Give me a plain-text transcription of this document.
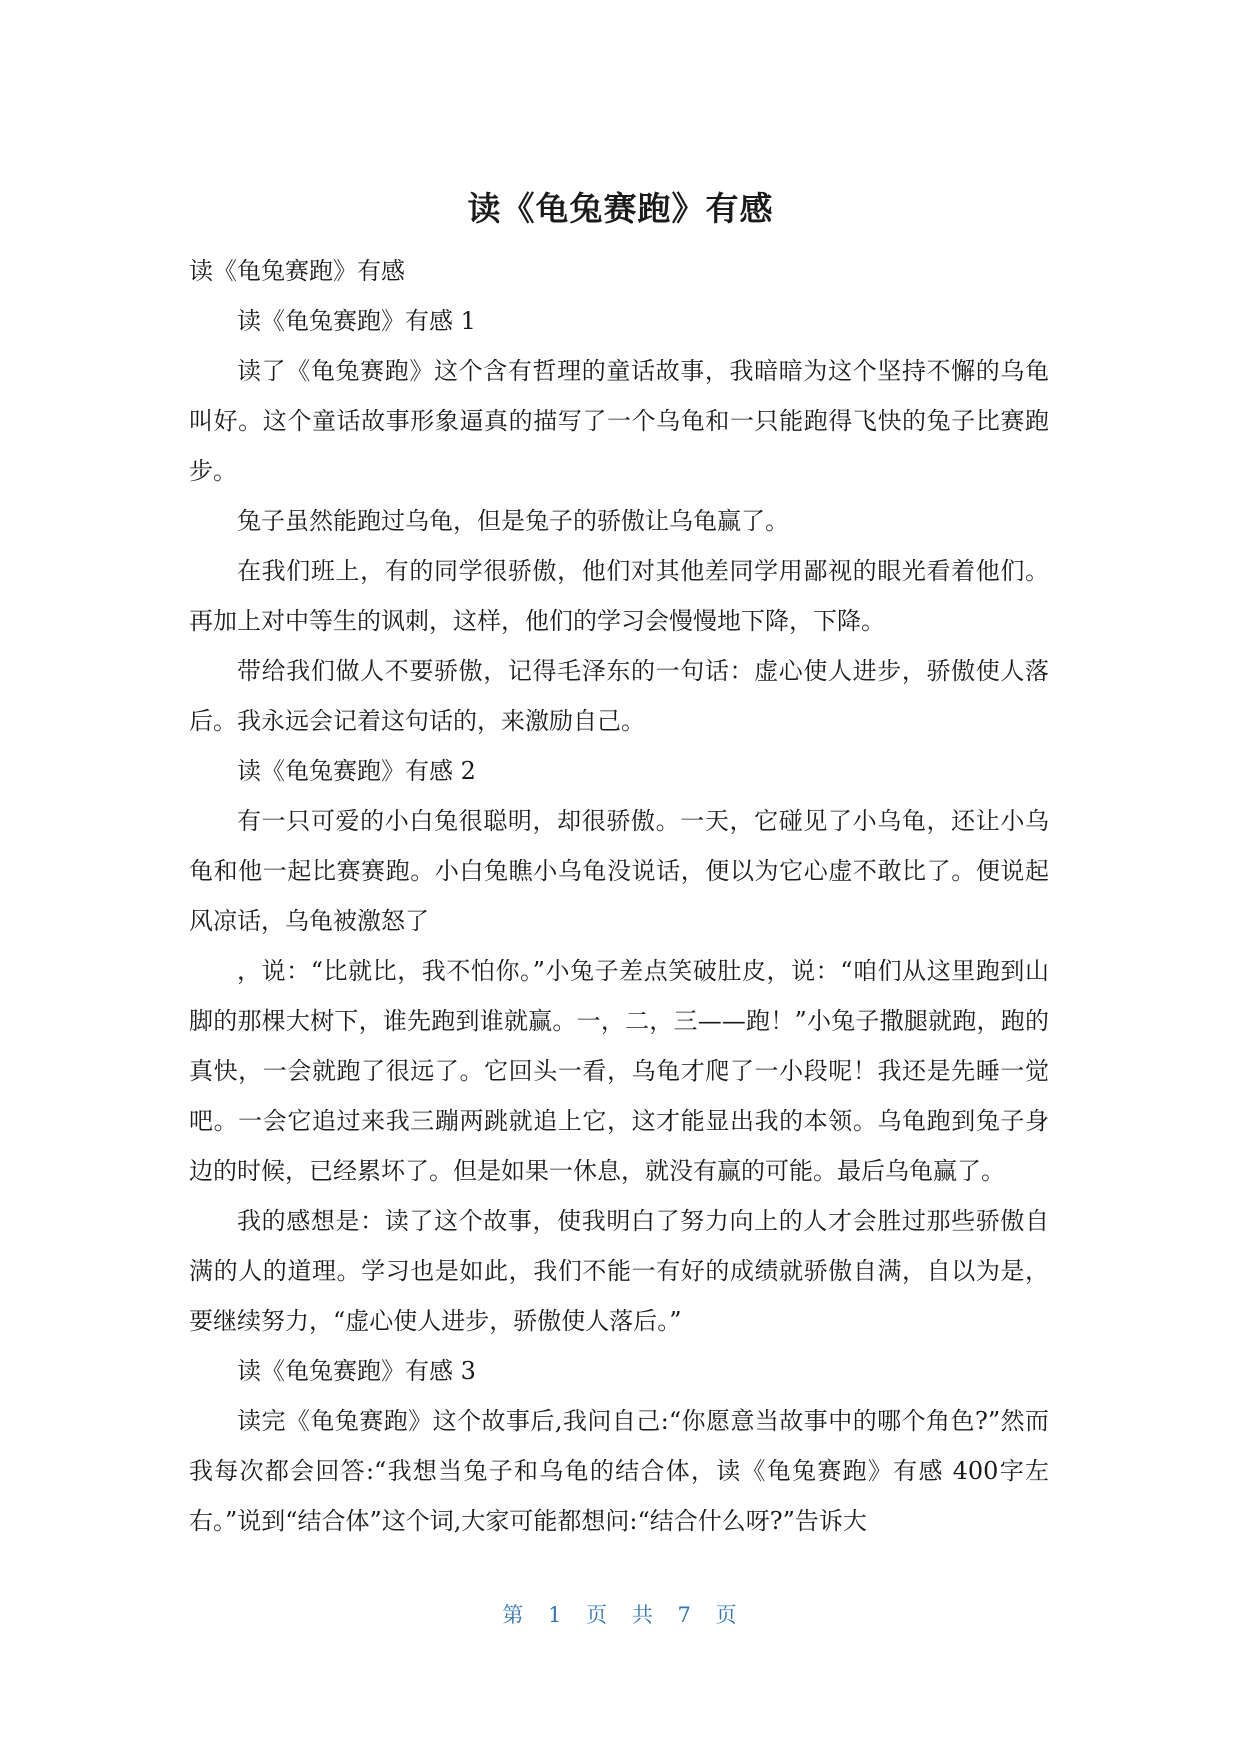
读《龟兔赛跑》有感

读《龟兔赛跑》有感

读《龟兔赛跑》有感 1

读了《龟兔赛跑》这个含有哲理的童话故事，我暗暗为这个坚持不懈的乌龟叫好。这个童话故事形象逼真的描写了一个乌龟和一只能跑得飞快的兔子比赛跑步。

兔子虽然能跑过乌龟，但是兔子的骄傲让乌龟赢了。

在我们班上，有的同学很骄傲，他们对其他差同学用鄙视的眼光看着他们。再加上对中等生的讽刺，这样，他们的学习会慢慢地下降，下降。

带给我们做人不要骄傲，记得毛泽东的一句话：虚心使人进步，骄傲使人落后。我永远会记着这句话的，来激励自己。

读《龟兔赛跑》有感 2

有一只可爱的小白兔很聪明，却很骄傲。一天，它碰见了小乌龟，还让小乌龟和他一起比赛赛跑。小白兔瞧小乌龟没说话，便以为它心虚不敢比了。便说起风凉话，乌龟被激怒了

，说：“比就比，我不怕你。”小兔子差点笑破肚皮，说：“咱们从这里跑到山脚的那棵大树下，谁先跑到谁就赢。一，二，三——跑！”小兔子撒腿就跑，跑的真快，一会就跑了很远了。它回头一看，乌龟才爬了一小段呢！我还是先睡一觉吧。一会它追过来我三蹦两跳就追上它，这才能显出我的本领。乌龟跑到兔子身边的时候，已经累坏了。但是如果一休息，就没有赢的可能。最后乌龟赢了。

我的感想是：读了这个故事，使我明白了努力向上的人才会胜过那些骄傲自满的人的道理。学习也是如此，我们不能一有好的成绩就骄傲自满，自以为是，要继续努力，“虚心使人进步，骄傲使人落后。”

读《龟兔赛跑》有感 3

读完《龟兔赛跑》这个故事后,我问自己:“你愿意当故事中的哪个角色?”然而我每次都会回答:“我想当兔子和乌龟的结合体，读《龟兔赛跑》有感 400字左右。”说到“结合体”这个词,大家可能都想问:“结合什么呀?”告诉大

第 1 页 共 7 页
